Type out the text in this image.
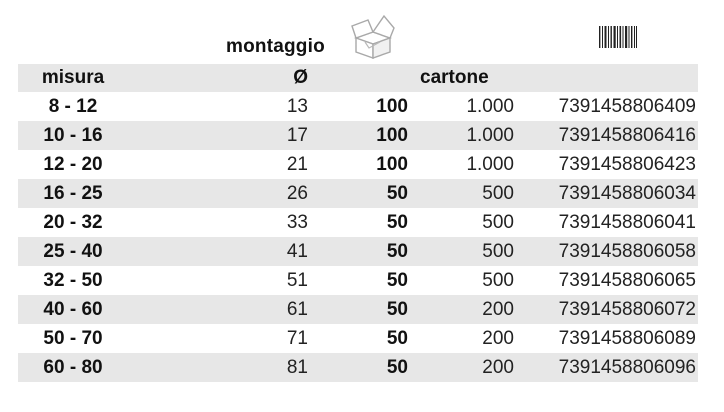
montaggio
misura	Ø	cartone
8 - 12	13	100	1.000	7391458806409
10 - 16	17	100	1.000	7391458806416
12 - 20	21	100	1.000	7391458806423
16 - 25	26	50	500	7391458806034
20 - 32	33	50	500	7391458806041
25 - 40	41	50	500	7391458806058
32 - 50	51	50	500	7391458806065
40 - 60	61	50	200	7391458806072
50 - 70	71	50	200	7391458806089
60 - 80	81	50	200	7391458806096
